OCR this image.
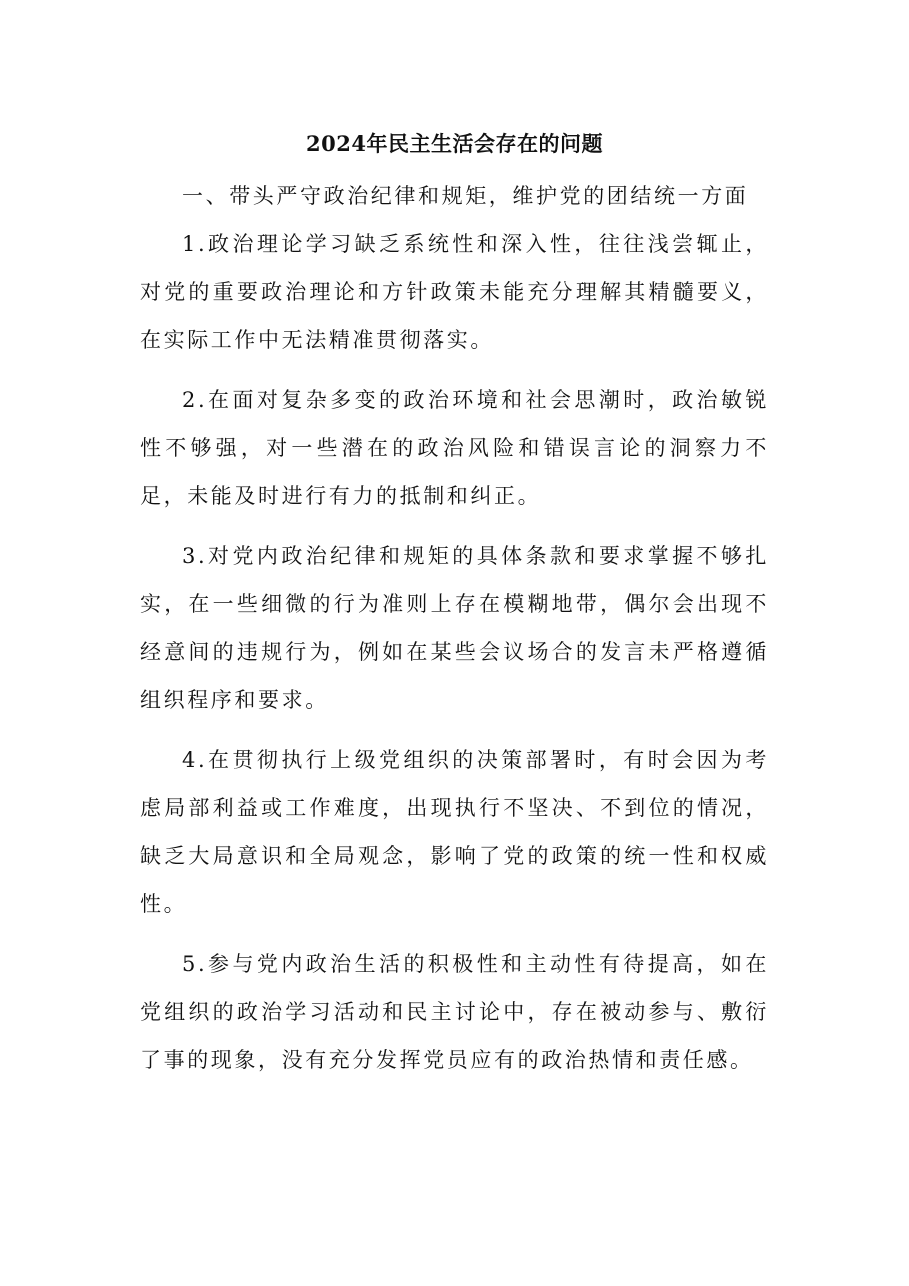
2024年民主生活会存在的问题

一、带头严守政治纪律和规矩，维护党的团结统一方面

1.政治理论学习缺乏系统性和深入性，往往浅尝辄止，对党的重要政治理论和方针政策未能充分理解其精髓要义，在实际工作中无法精准贯彻落实。

2.在面对复杂多变的政治环境和社会思潮时，政治敏锐性不够强，对一些潜在的政治风险和错误言论的洞察力不足，未能及时进行有力的抵制和纠正。

3.对党内政治纪律和规矩的具体条款和要求掌握不够扎实，在一些细微的行为准则上存在模糊地带，偶尔会出现不经意间的违规行为，例如在某些会议场合的发言未严格遵循组织程序和要求。

4.在贯彻执行上级党组织的决策部署时，有时会因为考虑局部利益或工作难度，出现执行不坚决、不到位的情况，缺乏大局意识和全局观念，影响了党的政策的统一性和权威性。

5.参与党内政治生活的积极性和主动性有待提高，如在党组织的政治学习活动和民主讨论中，存在被动参与、敷衍了事的现象，没有充分发挥党员应有的政治热情和责任感。
